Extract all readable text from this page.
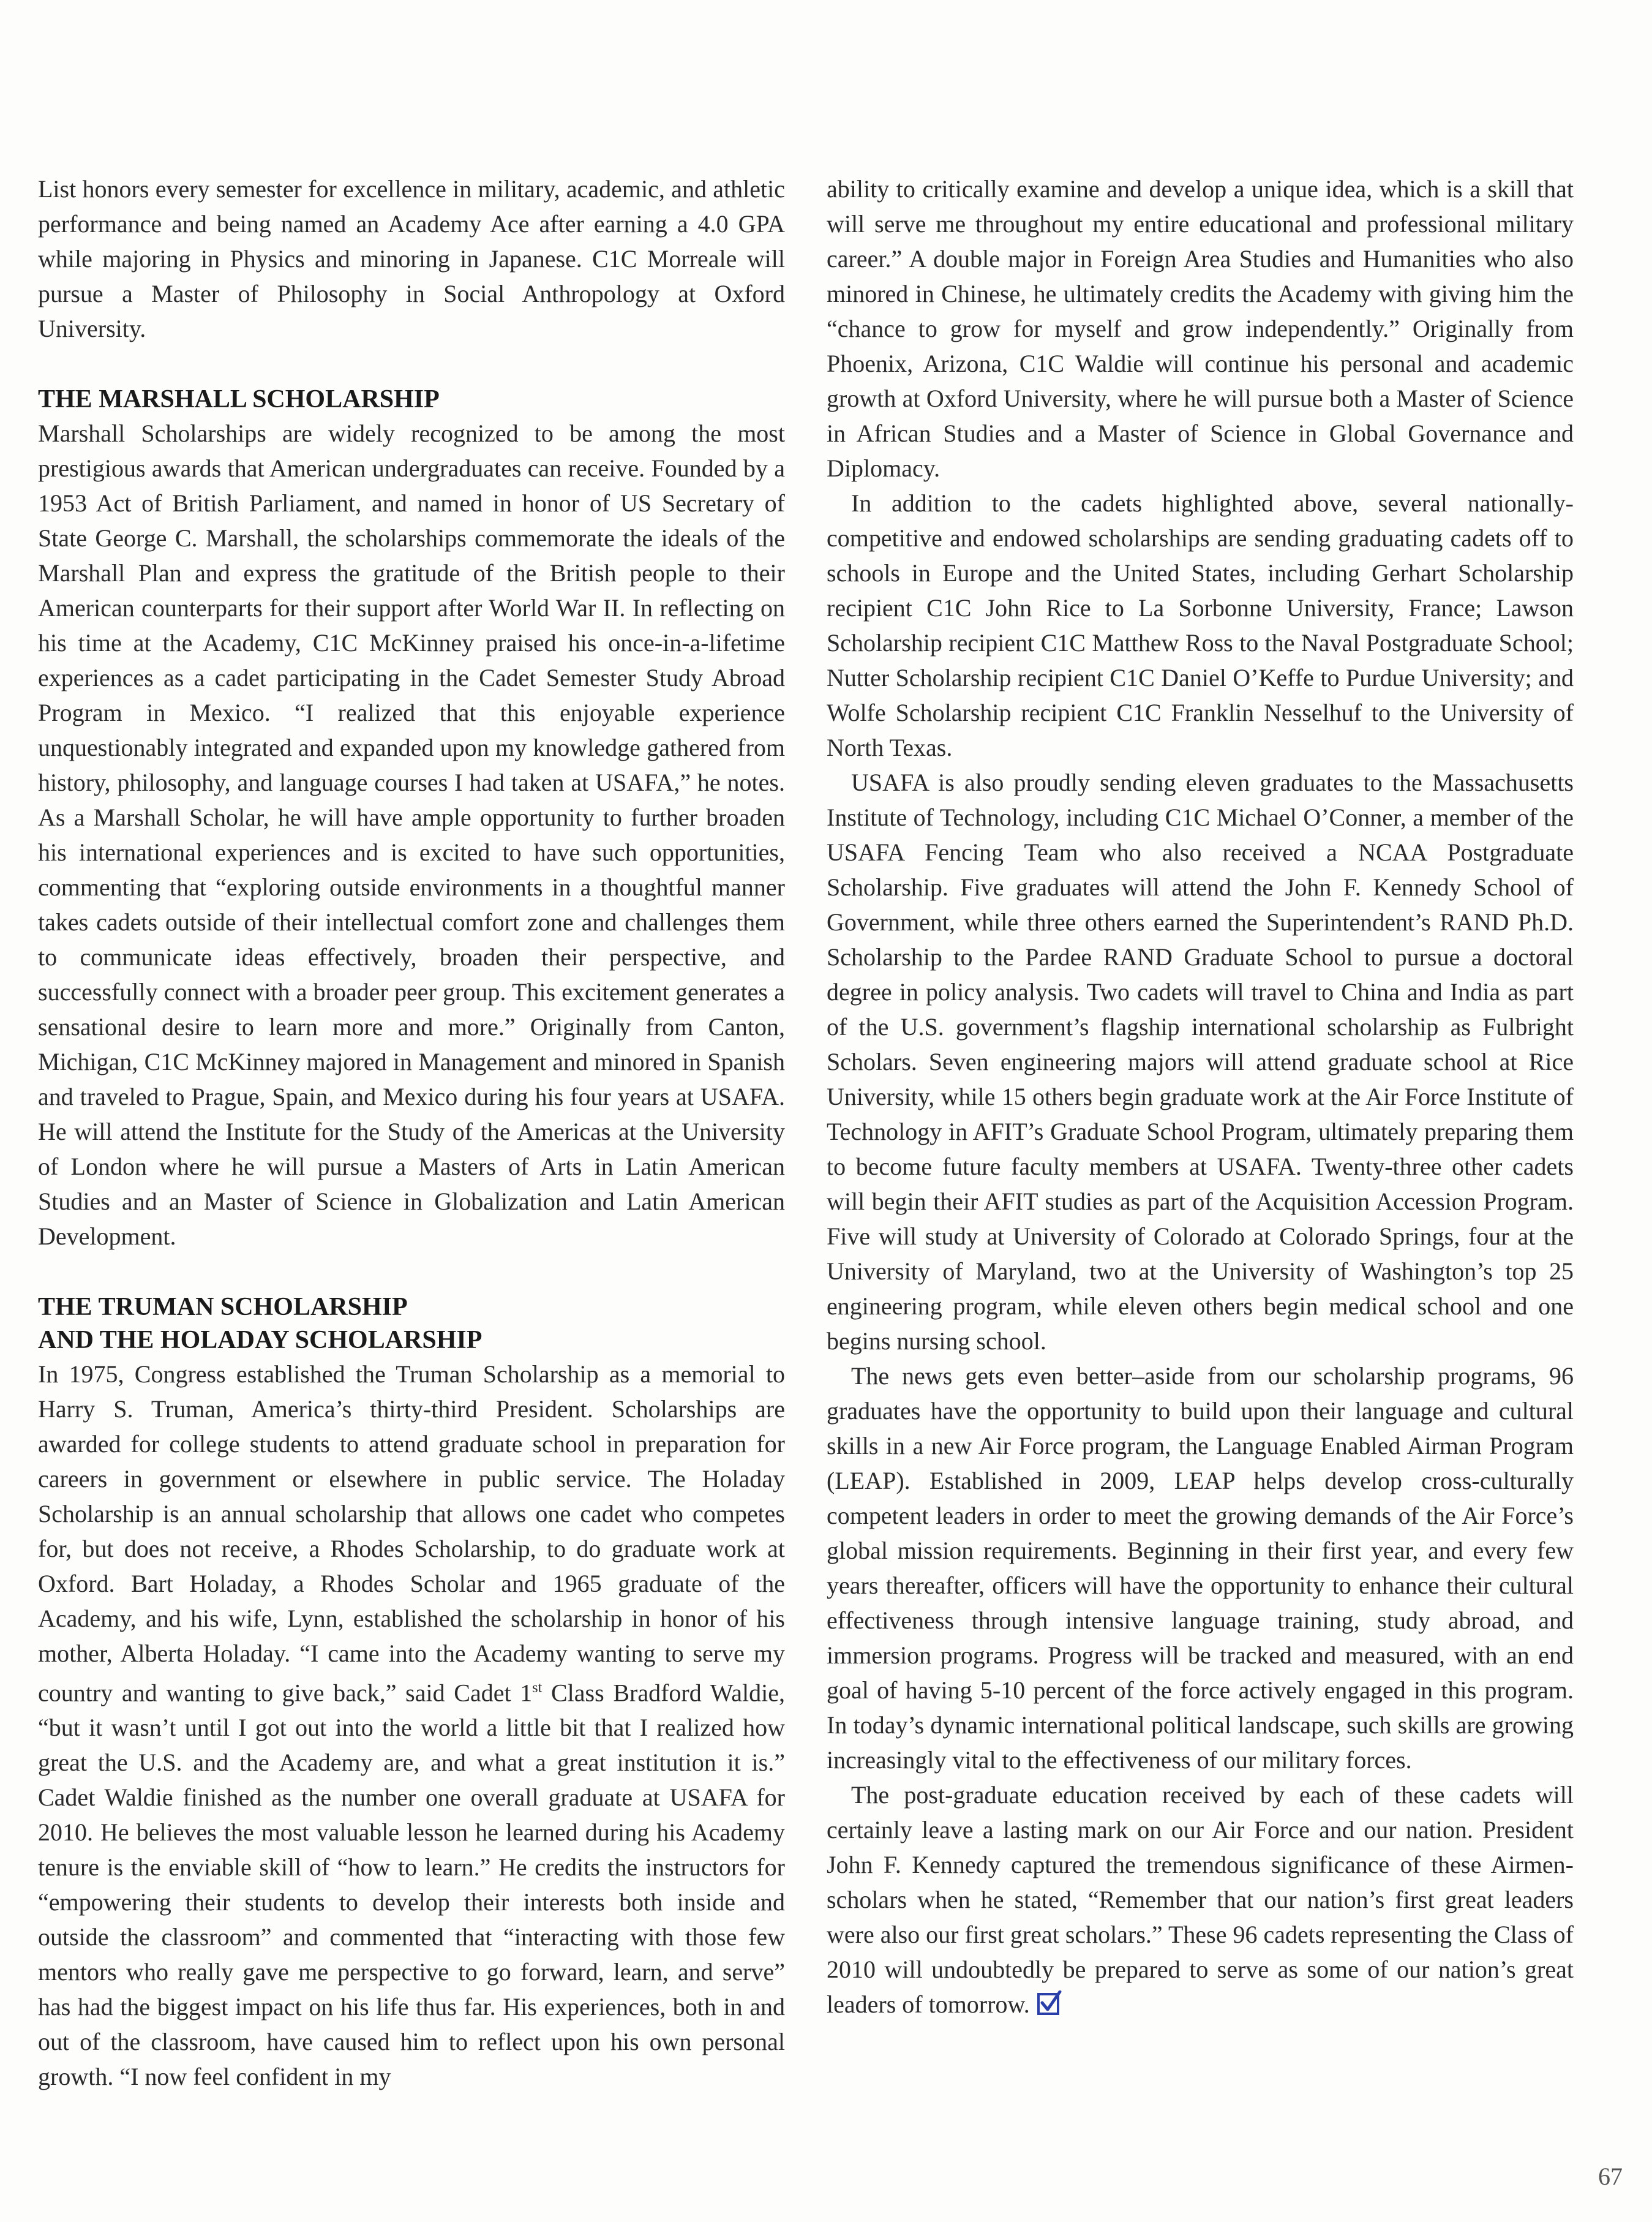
List honors every semester for excellence in military, academic, and athletic performance and being named an Academy Ace after earning a 4.0 GPA while majoring in Physics and minoring in Japanese. C1C Morreale will pursue a Master of Philosophy in Social Anthropology at Oxford University.

THE MARSHALL SCHOLARSHIP

Marshall Scholarships are widely recognized to be among the most prestigious awards that American undergraduates can receive. Founded by a 1953 Act of British Parliament, and named in honor of US Secretary of State George C. Marshall, the scholarships commemorate the ideals of the Marshall Plan and express the gratitude of the British people to their American counterparts for their support after World War II. In reflecting on his time at the Academy, C1C McKinney praised his once-in-a-lifetime experiences as a cadet participating in the Cadet Semester Study Abroad Program in Mexico. “I realized that this enjoyable experience unquestionably integrated and expanded upon my knowledge gathered from history, philosophy, and language courses I had taken at USAFA,” he notes. As a Marshall Scholar, he will have ample opportunity to further broaden his international experiences and is excited to have such opportunities, commenting that “exploring outside environments in a thoughtful manner takes cadets outside of their intellectual comfort zone and challenges them to communicate ideas effectively, broaden their perspective, and successfully connect with a broader peer group. This excitement generates a sensational desire to learn more and more.” Originally from Canton, Michigan, C1C McKinney majored in Management and minored in Spanish and traveled to Prague, Spain, and Mexico during his four years at USAFA. He will attend the Institute for the Study of the Americas at the University of London where he will pursue a Masters of Arts in Latin American Studies and an Master of Science in Globalization and Latin American Development.

THE TRUMAN SCHOLARSHIP
AND THE HOLADAY SCHOLARSHIP

In 1975, Congress established the Truman Scholarship as a memorial to Harry S. Truman, America’s thirty-third President. Scholarships are awarded for college students to attend graduate school in preparation for careers in government or elsewhere in public service. The Holaday Scholarship is an annual scholarship that allows one cadet who competes for, but does not receive, a Rhodes Scholarship, to do graduate work at Oxford. Bart Holaday, a Rhodes Scholar and 1965 graduate of the Academy, and his wife, Lynn, established the scholarship in honor of his mother, Alberta Holaday. “I came into the Academy wanting to serve my country and wanting to give back,” said Cadet 1st Class Bradford Waldie, “but it wasn’t until I got out into the world a little bit that I realized how great the U.S. and the Academy are, and what a great institution it is.” Cadet Waldie finished as the number one overall graduate at USAFA for 2010. He believes the most valuable lesson he learned during his Academy tenure is the enviable skill of “how to learn.” He credits the instructors for “empowering their students to develop their interests both inside and outside the classroom” and commented that “interacting with those few mentors who really gave me perspective to go forward, learn, and serve” has had the biggest impact on his life thus far. His experiences, both in and out of the classroom, have caused him to reflect upon his own personal growth. “I now feel confident in my

ability to critically examine and develop a unique idea, which is a skill that will serve me throughout my entire educational and professional military career.” A double major in Foreign Area Studies and Humanities who also minored in Chinese, he ultimately credits the Academy with giving him the “chance to grow for myself and grow independently.” Originally from Phoenix, Arizona, C1C Waldie will continue his personal and academic growth at Oxford University, where he will pursue both a Master of Science in African Studies and a Master of Science in Global Governance and Diplomacy.

In addition to the cadets highlighted above, several nationally-competitive and endowed scholarships are sending graduating cadets off to schools in Europe and the United States, including Gerhart Scholarship recipient C1C John Rice to La Sorbonne University, France; Lawson Scholarship recipient C1C Matthew Ross to the Naval Postgraduate School; Nutter Scholarship recipient C1C Daniel O’Keffe to Purdue University; and Wolfe Scholarship recipient C1C Franklin Nesselhuf to the University of North Texas.

USAFA is also proudly sending eleven graduates to the Massachusetts Institute of Technology, including C1C Michael O’Conner, a member of the USAFA Fencing Team who also received a NCAA Postgraduate Scholarship. Five graduates will attend the John F. Kennedy School of Government, while three others earned the Superintendent’s RAND Ph.D. Scholarship to the Pardee RAND Graduate School to pursue a doctoral degree in policy analysis. Two cadets will travel to China and India as part of the U.S. government’s flagship international scholarship as Fulbright Scholars. Seven engineering majors will attend graduate school at Rice University, while 15 others begin graduate work at the Air Force Institute of Technology in AFIT’s Graduate School Program, ultimately preparing them to become future faculty members at USAFA. Twenty-three other cadets will begin their AFIT studies as part of the Acquisition Accession Program. Five will study at University of Colorado at Colorado Springs, four at the University of Maryland, two at the University of Washington’s top 25 engineering program, while eleven others begin medical school and one begins nursing school.

The news gets even better–aside from our scholarship programs, 96 graduates have the opportunity to build upon their language and cultural skills in a new Air Force program, the Language Enabled Airman Program (LEAP). Established in 2009, LEAP helps develop cross-culturally competent leaders in order to meet the growing demands of the Air Force’s global mission requirements. Beginning in their first year, and every few years thereafter, officers will have the opportunity to enhance their cultural effectiveness through intensive language training, study abroad, and immersion programs. Progress will be tracked and measured, with an end goal of having 5-10 percent of the force actively engaged in this program. In today’s dynamic international political landscape, such skills are growing increasingly vital to the effectiveness of our military forces.

The post-graduate education received by each of these cadets will certainly leave a lasting mark on our Air Force and our nation. President John F. Kennedy captured the tremendous significance of these Airmen-scholars when he stated, “Remember that our nation’s first great leaders were also our first great scholars.” These 96 cadets representing the Class of 2010 will undoubtedly be prepared to serve as some of our nation’s great leaders of tomorrow.

67
